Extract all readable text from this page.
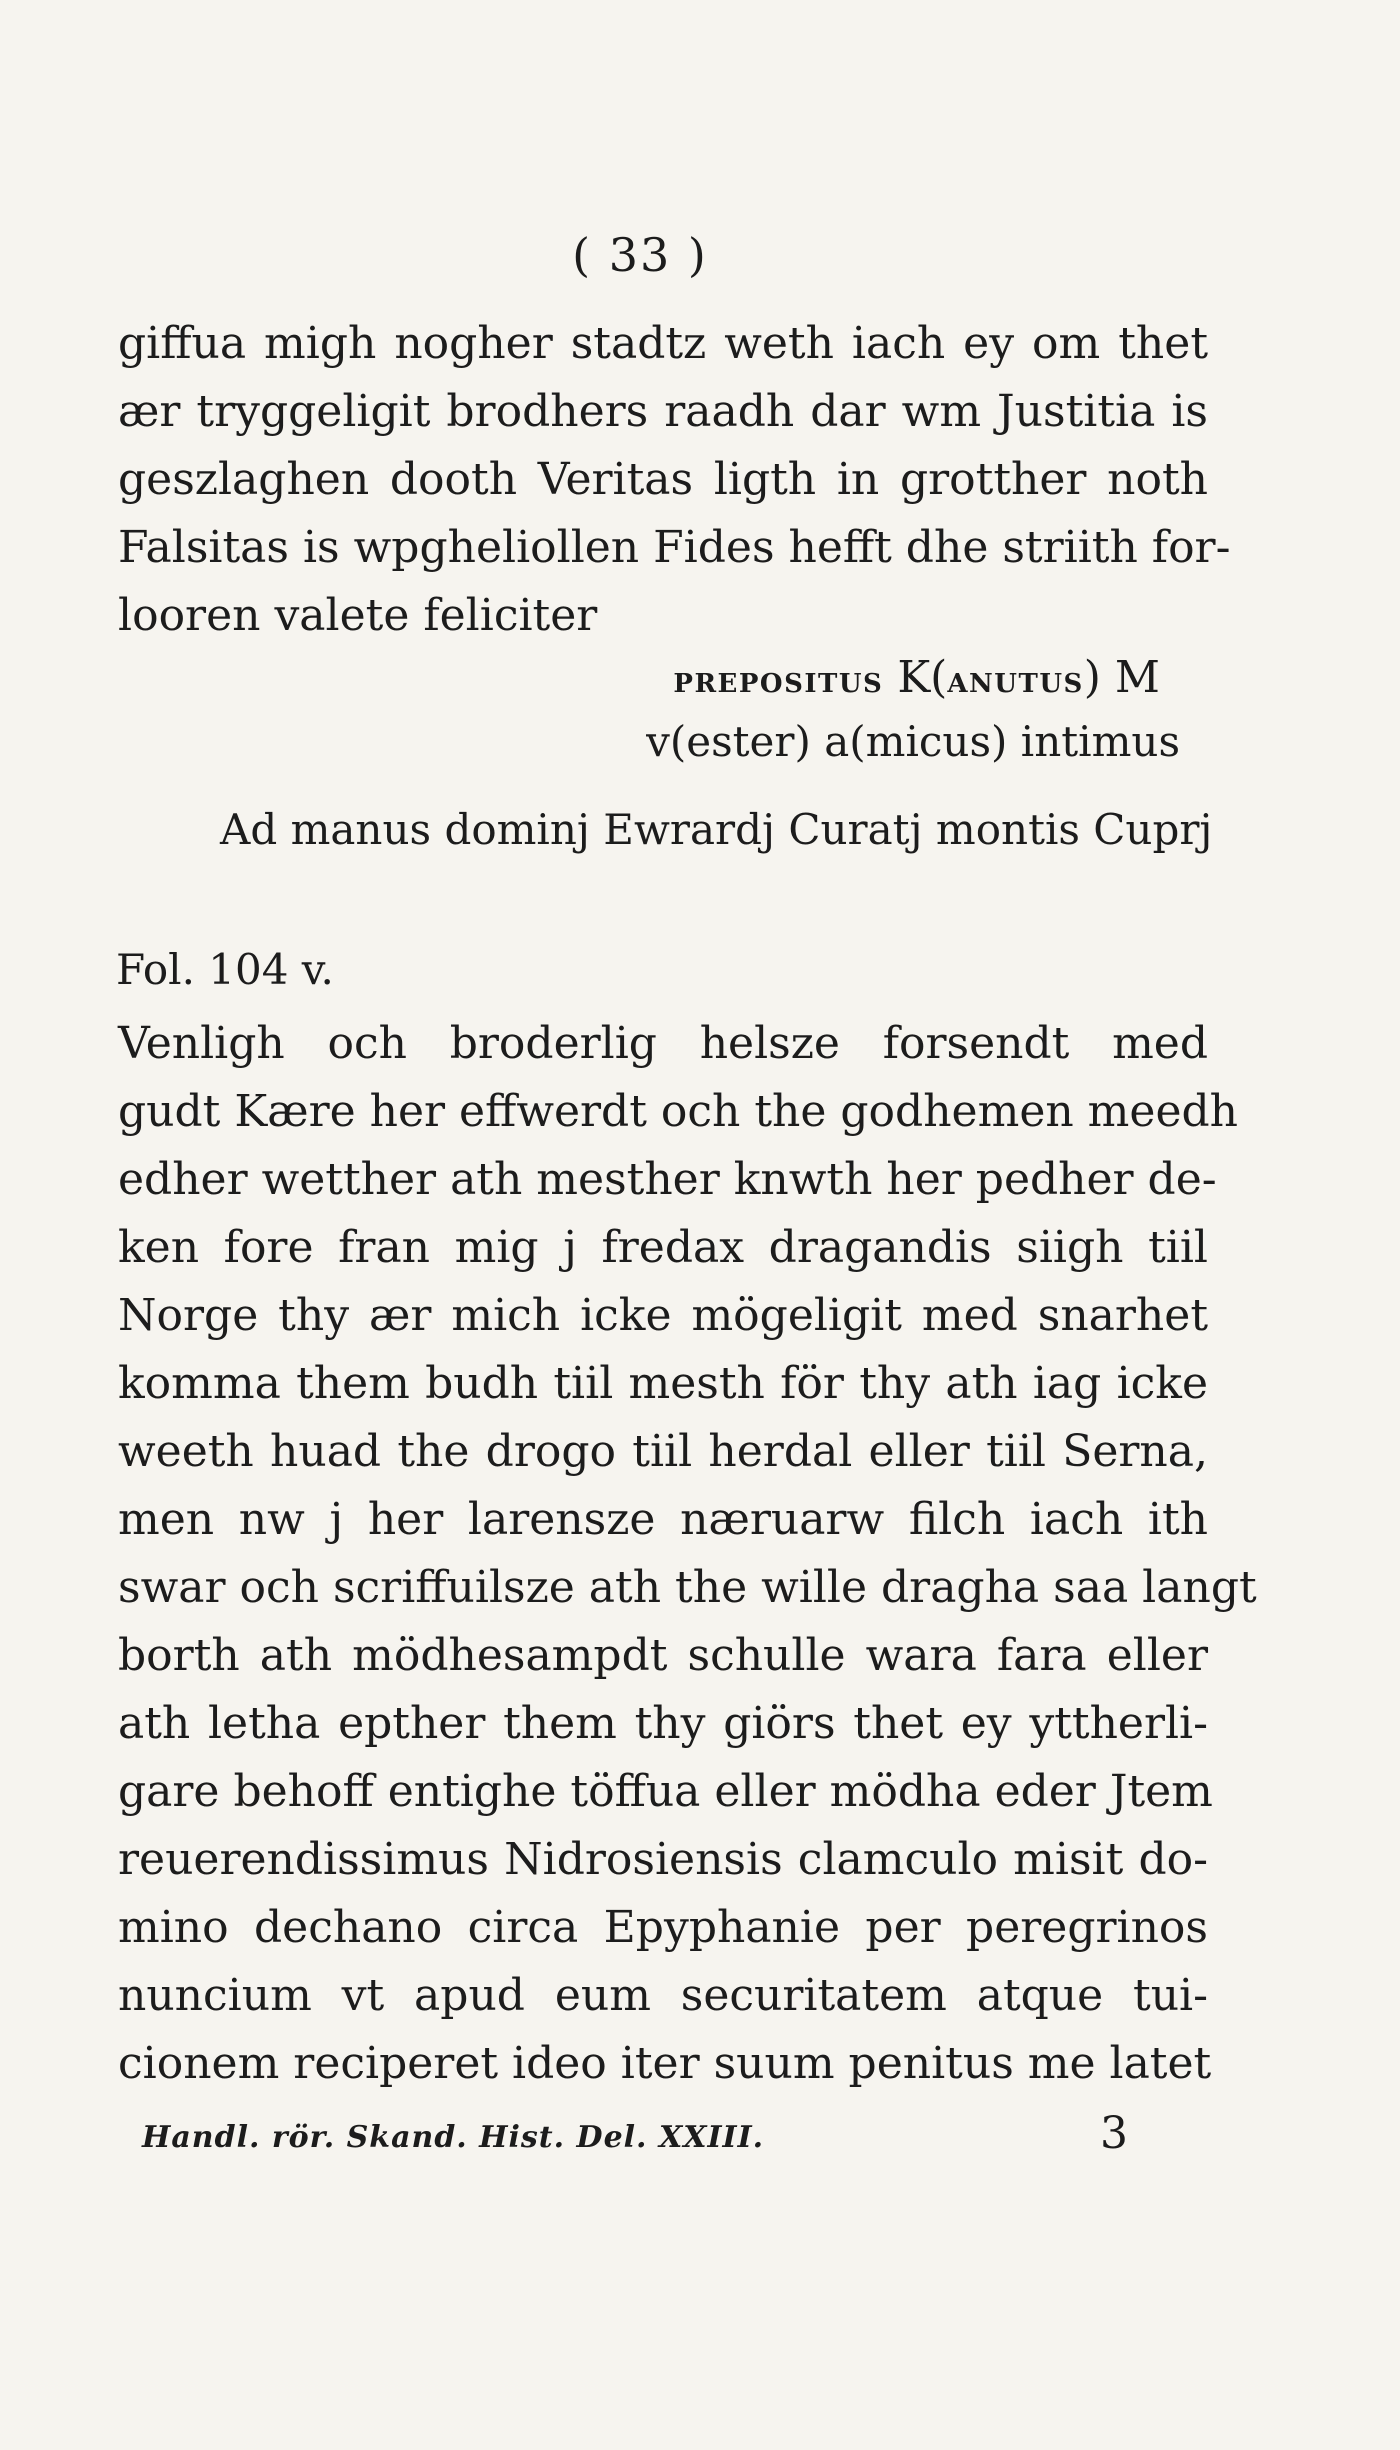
( 33 )
giffua migh nogher stadtz weth iach ey om thet
ær tryggeligit brodhers raadh dar wm Justitia is
geszlaghen dooth Veritas ligth in grotther noth
Falsitas is wpgheliollen Fides hefft dhe striith for-
looren valete feliciter
PREPOSITUS K(ANUTUS) M
v(ester) a(micus) intimus
Ad manus dominj Ewrardj Curatj montis Cuprj
Fol. 104 v.
Venligh och broderlig helsze forsendt med
gudt Kære her effwerdt och the godhemen meedh
edher wetther ath mesther knwth her pedher de-
ken fore fran mig j fredax dragandis siigh tiil
Norge thy ær mich icke mögeligit med snarhet
komma them budh tiil mesth för thy ath iag icke
weeth huad the drogo tiil herdal eller tiil Serna,
men nw j her larensze næruarw filch iach ith
swar och scriffuilsze ath the wille dragha saa langt
borth ath mödhesampdt schulle wara fara eller
ath letha epther them thy giörs thet ey yttherli-
gare behoff entighe töffua eller mödha eder Jtem
reuerendissimus Nidrosiensis clamculo misit do-
mino dechano circa Epyphanie per peregrinos
nuncium vt apud eum securitatem atque tui-
cionem reciperet ideo iter suum penitus me latet
Handl. rör. Skand. Hist. Del. XXIII.	3
